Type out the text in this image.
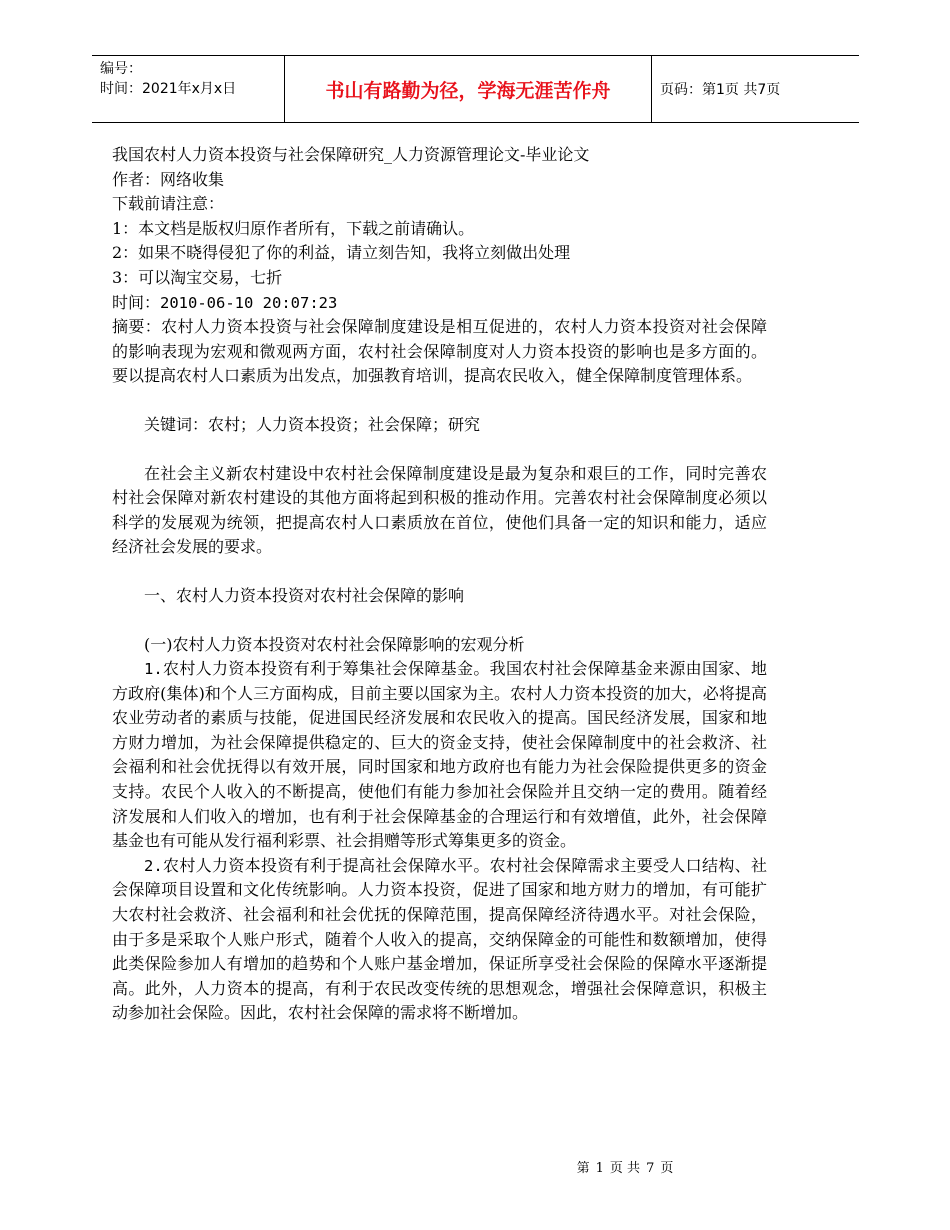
编号：
时间：2021年x月x日	书山有路勤为径，学海无涯苦作舟	页码：第1页 共7页

我国农村人力资本投资与社会保障研究_人力资源管理论文-毕业论文

作者：网络收集

下载前请注意：

1：本文档是版权归原作者所有，下载之前请确认。

2：如果不晓得侵犯了你的利益，请立刻告知，我将立刻做出处理

3：可以淘宝交易，七折

时间：2010-06-10 20:07:23

摘要：农村人力资本投资与社会保障制度建设是相互促进的，农村人力资本投资对社会保障的影响表现为宏观和微观两方面，农村社会保障制度对人力资本投资的影响也是多方面的。要以提高农村人口素质为出发点，加强教育培训，提高农民收入，健全保障制度管理体系。

关键词：农村；人力资本投资；社会保障；研究

在社会主义新农村建设中农村社会保障制度建设是最为复杂和艰巨的工作，同时完善农村社会保障对新农村建设的其他方面将起到积极的推动作用。完善农村社会保障制度必须以科学的发展观为统领，把提高农村人口素质放在首位，使他们具备一定的知识和能力，适应经济社会发展的要求。

一、农村人力资本投资对农村社会保障的影响

(一)农村人力资本投资对农村社会保障影响的宏观分析

1.农村人力资本投资有利于筹集社会保障基金。我国农村社会保障基金来源由国家、地方政府(集体)和个人三方面构成，目前主要以国家为主。农村人力资本投资的加大，必将提高农业劳动者的素质与技能，促进国民经济发展和农民收入的提高。国民经济发展，国家和地方财力增加，为社会保障提供稳定的、巨大的资金支持，使社会保障制度中的社会救济、社会福利和社会优抚得以有效开展，同时国家和地方政府也有能力为社会保险提供更多的资金支持。农民个人收入的不断提高，使他们有能力参加社会保险并且交纳一定的费用。随着经济发展和人们收入的增加，也有利于社会保障基金的合理运行和有效增值，此外，社会保障基金也有可能从发行福利彩票、社会捐赠等形式筹集更多的资金。

2.农村人力资本投资有利于提高社会保障水平。农村社会保障需求主要受人口结构、社会保障项目设置和文化传统影响。人力资本投资，促进了国家和地方财力的增加，有可能扩大农村社会救济、社会福利和社会优抚的保障范围，提高保障经济待遇水平。对社会保险，由于多是采取个人账户形式，随着个人收入的提高，交纳保障金的可能性和数额增加，使得此类保险参加人有增加的趋势和个人账户基金增加，保证所享受社会保险的保障水平逐渐提高。此外，人力资本的提高，有利于农民改变传统的思想观念，增强社会保障意识，积极主动参加社会保险。因此，农村社会保障的需求将不断增加。

第 1 页 共 7 页
